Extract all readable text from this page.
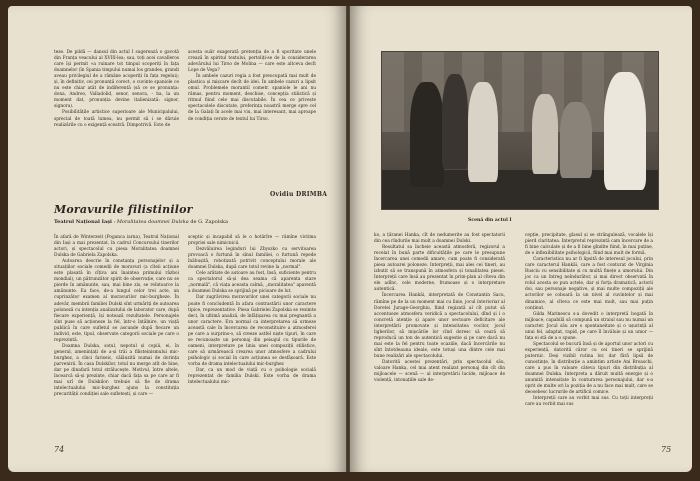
teze. De pildă — dansul din actul I sugerează o gavotă din Franța veacului al XVIII-lea; sau, toți acei cavalleros care își permit »a ruinare tot timpul scoperiți în fața doamnelor (în Spania timpului numai los grandes, grandi aveau privilegiul de a rămâne acoperiți în fața regelui); și, în definitiv, cei pronunță corect, o cuvinte spaniole ce nu este chiar atât de indiferentă (să ce se pronunța: dona, Andreo, Valladolid, senor, senora, - ba, la un moment dat, pronunția devine italienizată: signor, signora).

Posibilitățile artistice superioare ale Municipalului, sprecial de toată lumea, nu permit să i se dăruie realizările cu o exigență sceatră. Dimpotrivă. Este de

acesta ouăr exagerată pretenția de a fi sporitate unele crează în spiritul textului, pertoliți-se de la considerarea adevărului lui Tirso de Molina — care este altceva decît Lope de Vega?

În ambele cazuri regia a fost preocupată mai mult de plastica și mișcare decît de idei. În ambele cazuri a lipsit omul. Problemele morantil cometr. spaniole le ani nu rămas, pentru moment, deschise, concepția stilistică și ritmul fiind cele mai discutabile. În cea ce privește spectacolele discutate, preferința noastră merge spre cel de la Galați în acele mai viu, mai interesant, mai aproape de condiția cerute de textul lui Tirso.

Ovidiu DRIMBA
Moravurile filistinilor
Teatrul Național Iași : Moralitatea doamnei Dulska de G. Zapolska

În afară de Winterzeit (Poganca iarna), Teatrul Național din Iași a mai prezentat, în cadrul Concursului tinerilor actori, și spectacolul cu piesa Moralitatea doamnei Dulska de Gabriela Zapolska.

Autoarea descrie în constanța personajelor și a situațiilor sociale comedii de moravuri (a cîteii acțiune este plasată în cîțiva ani înaintea primului război mondial), un pătrunzător spirit de observație, care nu se pierde în amănunte, sau, mai bine zis, se reîntoarce la amănunte. Ea face, de-a lungul celor trei acte, un cuprinzător examen al moravurilor mic-burgheze. În adevăr, membrii familiei Dulski sînt urmăriți de autoarea polonezâ cu intenția analizatului de laborator care, după fiecare experiență, își notează rezultatele. Personajele sînt puse să acționeze la fel, într-o întâlnire, un viață publică în care sufletul se ascunde după fiecare un individ, este, tipul, observate categorii sociale pe care o reprezintă.

Doamna Dulska, soțul, nepotul și copiii, ei, în general, amenințați de a-și trăi a filisteinismului mic-burghez, a cînci fariseic, călăuzită numai de dorința parvenirii. În casa Dulskilor, totul nu merge atît de bine, dar pe dinafară totul strălucește. Motivul, între altele, încearcă să-și prezinte, chiar dacă fața sa pe care ar fi mai urî de Dulskilor: trebuie să fie de drama intelectualului mic-burghez ajuns la constituția precarității condiției sale sufletești, și care —

sceptic și incapabil să le o hotărîre — rămîne victima propriei sale nimicnicii.

Dezvăluirea leginduri lui Zbyszko cu servitoarea provoacă o furtună în sînul familiei, o furtună repede înăbușită, robotizată potrivit conceptului morale ale doamnei Dulska, după care totul revine la „normal".

Cele arătate de autoare au fost, însă, suficiente pentru ca spectatorul să-și dea seama că aparenta stare „normală", că viața aceasta calmă, „moralitatea" aparentă a doamnei Dulska se sprijină pe picioare de lut.

Dar zugrăvirea moravurilor unei categorii sociale nu poate fi concludentă în afara contrastării unor caractere tipice, reprezentative. Piesa Gabrielei Zapolska se resimte deci, în ultimă analiză, de înfățișarea cu mai pregnantă a unor caractere. Era normal ca interpretarea să urmeze această cale în încercarea de reconstituire a atmosferei pe care a surprins-o, să creeze astfel niște tipuri, în care se recunoaște un personaj din peisajul cu tipurile de oameni, interpretare pe linia unei compoziții stilistice, care să urmărească crearea unor atmosfere a cadrului psihologic și social în care acțiunea se desfășoară. Este vorba de drama intelectualului mic-burghez

Dar, ca un mod de viață cu o psihologie socială reprezentat de familia Dulski. Este vorba de drama intelectualului mic-

74
Scenă din actul I

ko, a țăranei Hanka, cît de nedumerite au fost spectatorii din cea rîndurile mai mult a doamnei Dulski.

Resultatul sa încheie această atmosferă, regizorul a recelat în bună parte dificultățile pe care le presupune încercarea unei comedii amare, cum poate fi considerată piesa autoarei poloneze. Interpreții, mai ales cei tineri, au izbutit să se transpună în atmosfera și tonalitatea piesei. Interpreții care însă au prezentat în prim-plan al cîteva din ele adînc, cele moderne, frumoase și o interpretare autentică.

Încercarea Hankăi, interpretată de Constantin Sacu, rămîne pe de la un moment mai cu linie, jocul interioriar al Doretei Jurage-Georghiu, fiind regizată al cît putut să accentueze atmosfera veridică a spectacolului, dînd și i o concretă atenție și apare unor sectoare deficitare ale interpretării promovate și intensitatea vocilor, jocul ligherilor, să mișcările lor cînd doresc să ceară să reproducă un ton de autentică sugestie și pe care dacă nu mai este la fel pentru toate ocaziile, dacă încercările nu sînt întotdeauna ideale, este totuși una dintre cele mai bune realizări ale spectacolului.

Datorită acestei prezentări, prin spectacolul său, valoare Hanka, cel mai atent realizat personaj din cît din mijloacele — scenă — al interpretării lucide, mijloace de violență, intonațiile sale de-

cepție, precipitate, glasul și se străngulează, vocalele își pierd claritatea. Interpretul reprezintă cam încercare de a fi bine calculate și de a fi bine gîndite fiind, în mai puține, de o inflexibilitate psihologică, fiind mai mult de formă.

Caracteristica nu ar fi lipsită de interesul jocului, prin care caracterul Hankăi, care a fost conturat de Virginia Rusciu cu sensibilitate și cu multă finețe a umorului. Din joc ca un întreg neîndurător, și mai direct observată în rolul acesta se pun actele, dar și forța dramatică, actorii doi, sau personaje negative, și mai multe compoziții ale actorilor se coboară la un nivel al cuvintelor și mai dinamice, al cîteva ce este mai mult, sau mai puțin conținut.

Gilda Marinescu s-a dovedit o interpretă bogată în mijloace, capabilă să compună un straiul sau nu numai un caracter. Jocul său are o spontaneitate și o ușurință al unui fel, adaptat, rapid, pe care îl învăluie și un umor — fața ei stă de a o spune.

Spectacolul se bucură însă și de aportul unor actori cu experiență, datorită căror cu cei tineri se sprijină puternic. Deși vizibil rutina lor, dar fără lipsă de cunoștințe, în distribuție a amintim artiste Ani Broaschi, care a pus în valoare câteva tipuri din distribuția al doamnei Dulska. Interpreta a dăruit multă energie și o anumită intensitate în conturarea personajului, dar s-a oprit de multe ori la poziția de a nu face mai mult, care se deosebesc lucrurile de artificii comice.

Interpreții care au vorbit mai sus. Cu toții interpreții care au vorbit mai sus

75
